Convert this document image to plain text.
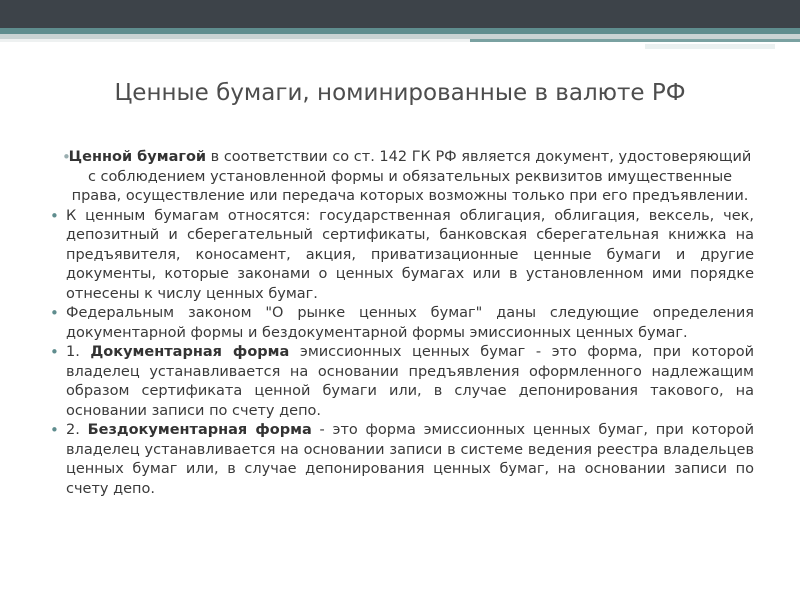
Ценные бумаги, номинированные в валюте РФ

•
Ценной бумагой в соответствии со ст. 142 ГК РФ является документ, удостоверяющий с соблюдением установленной формы и обязательных реквизитов имущественные права, осуществление или передача которых возможны только при его предъявлении.

• К ценным бумагам относятся: государственная облигация, облигация, вексель, чек, депозитный и сберегательный сертификаты, банковская сберегательная книжка на предъявителя, коносамент, акция, приватизационные ценные бумаги и другие документы, которые законами о ценных бумагах или в установленном ими порядке отнесены к числу ценных бумаг.

• Федеральным законом "О рынке ценных бумаг" даны следующие определения документарной формы и бездокументарной формы эмиссионных ценных бумаг.

• 1. Документарная форма эмиссионных ценных бумаг - это форма, при которой владелец устанавливается на основании предъявления оформленного надлежащим образом сертификата ценной бумаги или, в случае депонирования такового, на основании записи по счету депо.

• 2. Бездокументарная форма - это форма эмиссионных ценных бумаг, при которой владелец устанавливается на основании записи в системе ведения реестра владельцев ценных бумаг или, в случае депонирования ценных бумаг, на основании записи по счету депо.
